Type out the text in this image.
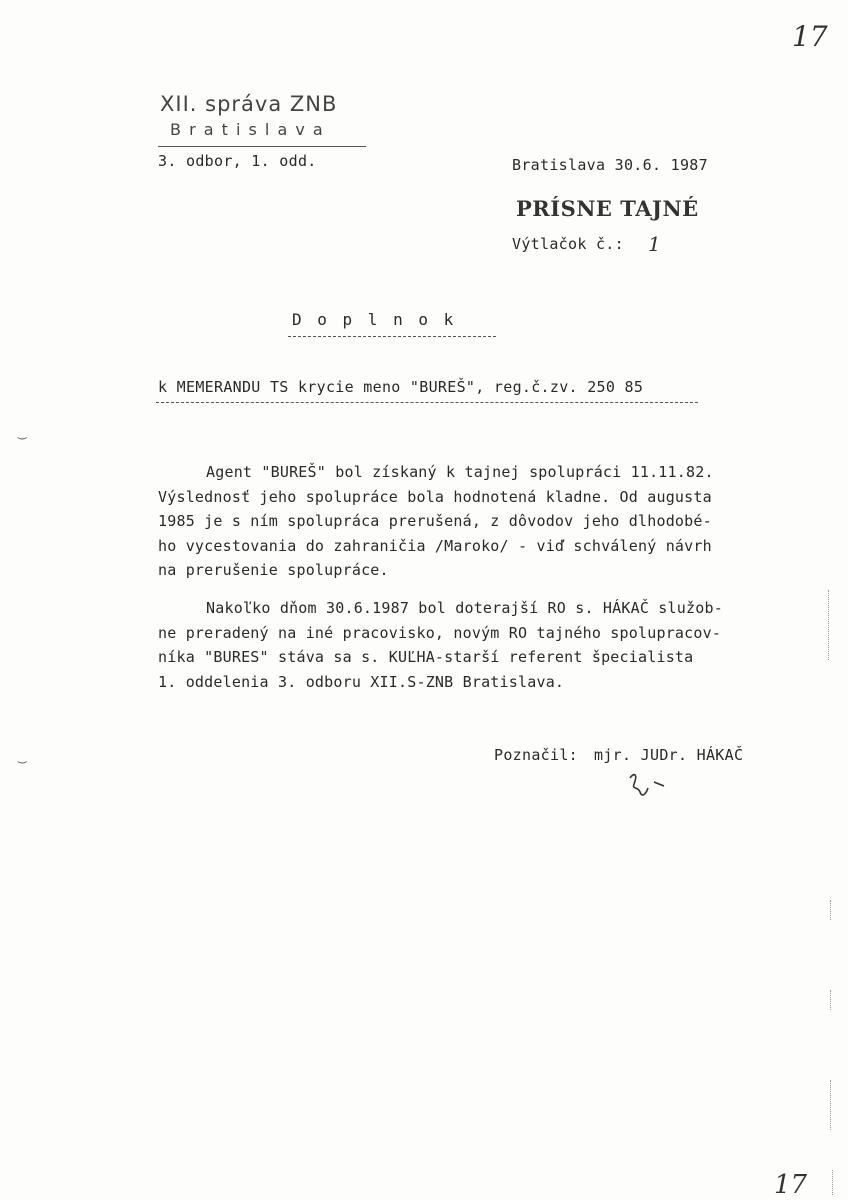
17
XII. správa ZNB
B r a t i s l a v a
3. odbor, 1. odd.	Bratislava 30.6. 1987
PRÍSNE TAJNÉ
Výtlačok č.: 1
D o p l n o k
k MEMERANDU TS krycie meno "BUREŠ", reg.č.zv. 250 85
Agent "BUREŠ" bol získaný k tajnej spolupráci 11.11.82.
Výslednosť jeho spolupráce bola hodnotená kladne. Od augusta
1985 je s ním spolupráca prerušená, z dôvodov jeho dlhodobé-
ho vycestovania do zahraničia /Maroko/ - viď schválený návrh
na prerušenie spolupráce.
Nakoľko dňom 30.6.1987 bol doterajší RO s. HÁKAČ služob-
ne preradený na iné pracovisko, novým RO tajného spolupracov-
níka "BURES" stáva sa s. KUĽHA-starší referent špecialista
1. oddelenia 3. odboru XII.S-ZNB Bratislava.
Poznačil: mjr. JUDr. HÁKAČ
‿
‿
17
